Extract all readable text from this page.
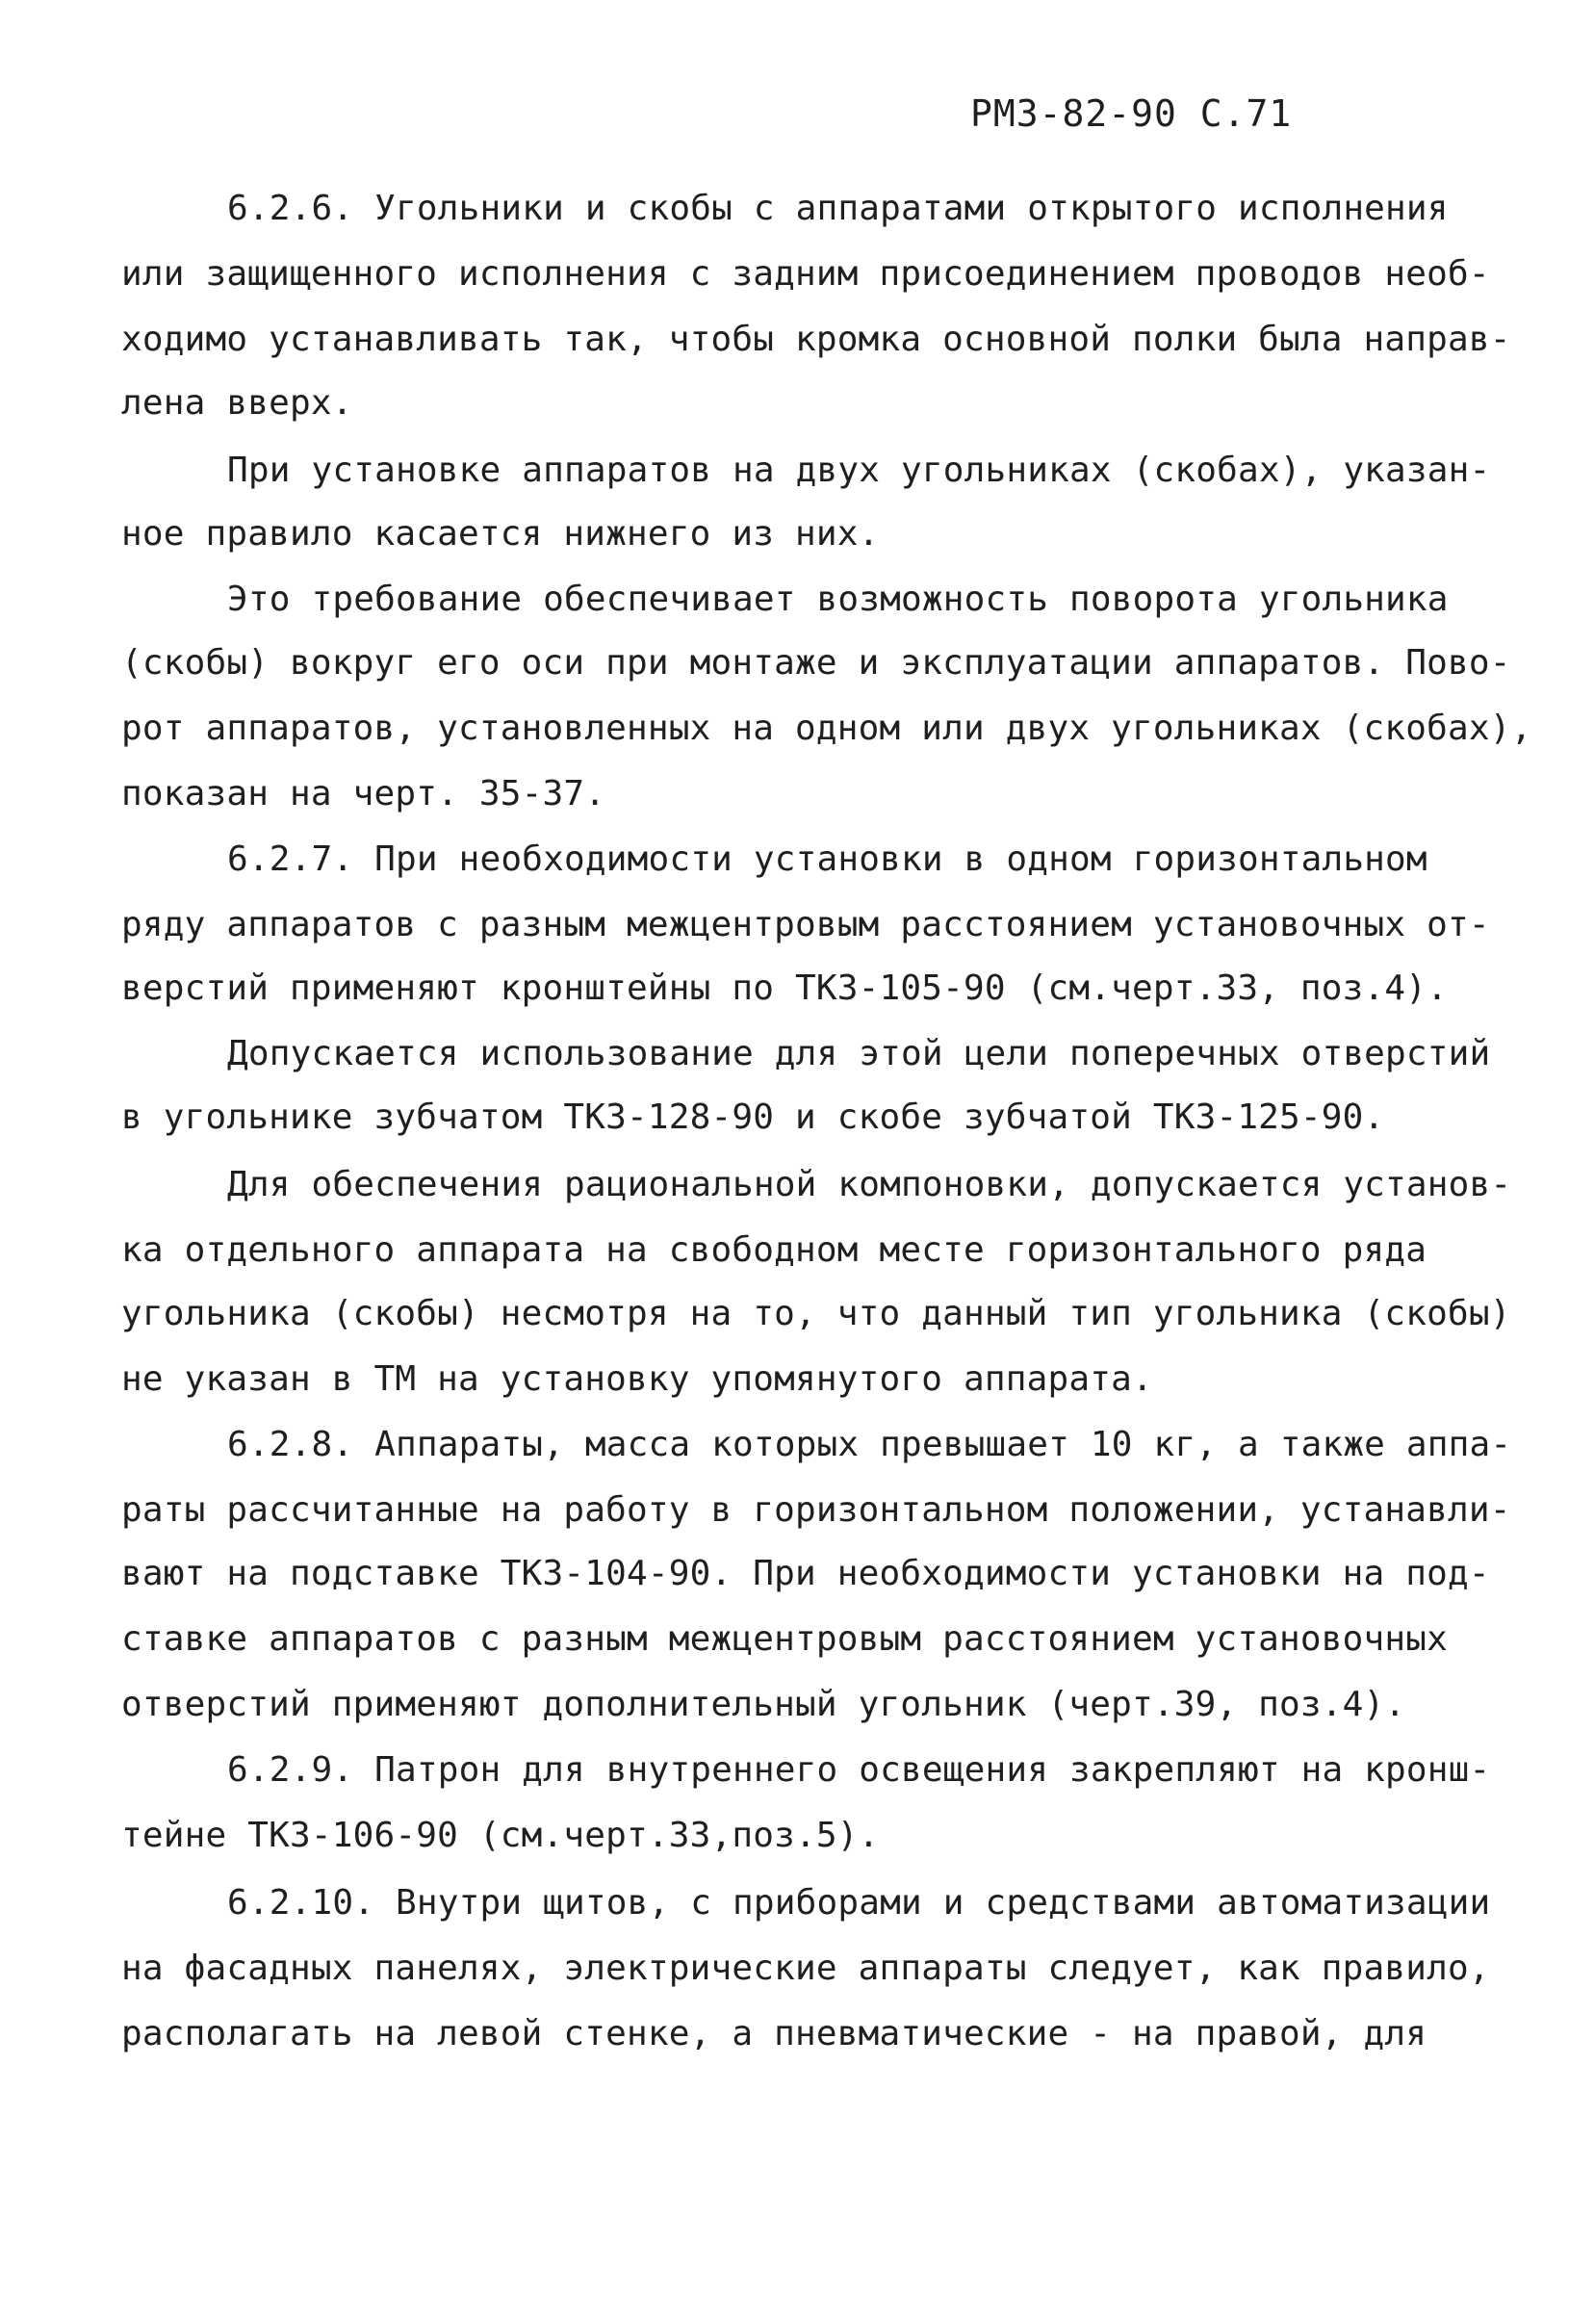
РМЗ-82-90 С.71
6.2.6. Угольники и скобы с аппаратами открытого исполнения
или защищенного исполнения с задним присоединением проводов необ-
ходимо устанавливать так, чтобы кромка основной полки была направ-
лена вверх.
При установке аппаратов на двух угольниках (скобах), указан-
ное правило касается нижнего из них.
Это требование обеспечивает возможность поворота угольника
(скобы) вокруг его оси при монтаже и эксплуатации аппаратов. Пово-
рот аппаратов, установленных на одном или двух угольниках (скобах),
показан на черт. 35-37.
6.2.7. При необходимости установки в одном горизонтальном
ряду аппаратов с разным межцентровым расстоянием установочных от-
верстий применяют кронштейны по ТКЗ-105-90 (см.черт.33, поз.4).
Допускается использование для этой цели поперечных отверстий
в угольнике зубчатом ТКЗ-128-90 и скобе зубчатой ТКЗ-125-90.
Для обеспечения рациональной компоновки, допускается установ-
ка отдельного аппарата на свободном месте горизонтального ряда
угольника (скобы) несмотря на то, что данный тип угольника (скобы)
не указан в ТМ на установку упомянутого аппарата.
6.2.8. Аппараты, масса которых превышает 10 кг, а также аппа-
раты рассчитанные на работу в горизонтальном положении, устанавли-
вают на подставке ТКЗ-104-90. При необходимости установки на под-
ставке аппаратов с разным межцентровым расстоянием установочных
отверстий применяют дополнительный угольник (черт.39, поз.4).
6.2.9. Патрон для внутреннего освещения закрепляют на кронш-
тейне ТКЗ-106-90 (см.черт.33,поз.5).
6.2.10. Внутри щитов, с приборами и средствами автоматизации
на фасадных панелях, электрические аппараты следует, как правило,
располагать на левой стенке, а пневматические - на правой, для
